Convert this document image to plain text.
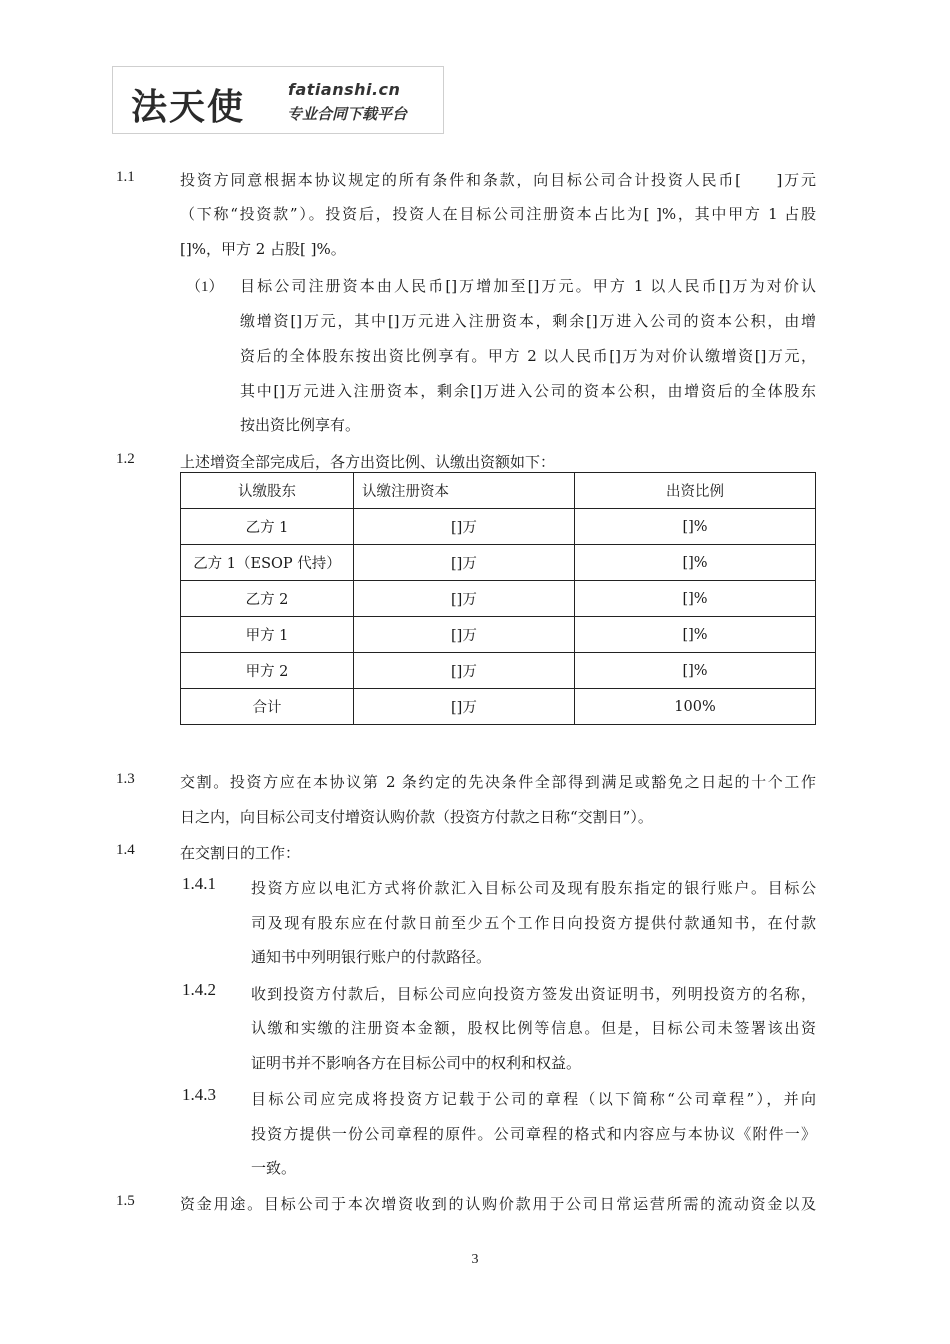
法天使	fatianshi.cn
专业合同下载平台
1.1	投资方同意根据本协议规定的所有条件和条款，向目标公司合计投资人民币[　　]万元
（下称“投资款”）。投资后，投资人在目标公司注册资本占比为[ ]%，其中甲方 1 占股
[]%，甲方 2 占股[ ]%。
（1） 目标公司注册资本由人民币[]万增加至[]万元。甲方 1 以人民币[]万为对价认
缴增资[]万元，其中[]万元进入注册资本，剩余[]万进入公司的资本公积，由增
资后的全体股东按出资比例享有。甲方 2 以人民币[]万为对价认缴增资[]万元，
其中[]万元进入注册资本，剩余[]万进入公司的资本公积，由增资后的全体股东
按出资比例享有。
1.2	上述增资全部完成后，各方出资比例、认缴出资额如下：
认缴股东	认缴注册资本	出资比例
乙方 1	[]万	[]%
乙方 1（ESOP 代持）	[]万	[]%
乙方 2	[]万	[]%
甲方 1	[]万	[]%
甲方 2	[]万	[]%
合计	[]万	100%
1.3	交割。投资方应在本协议第 2 条约定的先决条件全部得到满足或豁免之日起的十个工作
日之内，向目标公司支付增资认购价款（投资方付款之日称“交割日”）。
1.4	在交割日的工作：
1.4.1 投资方应以电汇方式将价款汇入目标公司及现有股东指定的银行账户。目标公
司及现有股东应在付款日前至少五个工作日向投资方提供付款通知书，在付款
通知书中列明银行账户的付款路径。
1.4.2 收到投资方付款后，目标公司应向投资方签发出资证明书，列明投资方的名称，
认缴和实缴的注册资本金额，股权比例等信息。但是，目标公司未签署该出资
证明书并不影响各方在目标公司中的权利和权益。
1.4.3 目标公司应完成将投资方记载于公司的章程（以下简称“公司章程”），并向
投资方提供一份公司章程的原件。公司章程的格式和内容应与本协议《附件一》
一致。
1.5	资金用途。目标公司于本次增资收到的认购价款用于公司日常运营所需的流动资金以及
3
